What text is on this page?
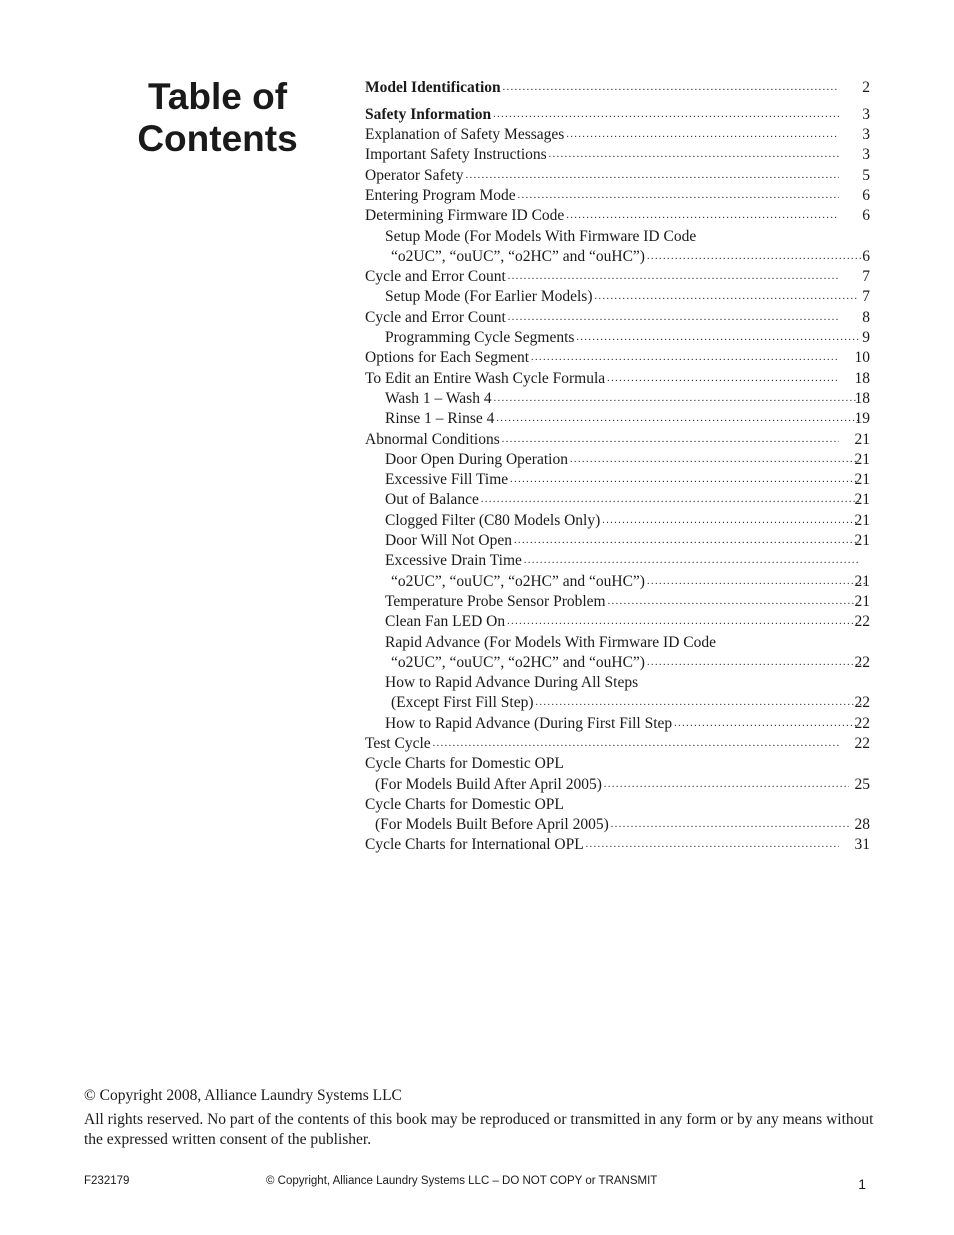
Table of
Contents
Model Identification . . .	2
Safety Information . . .	3
Explanation of Safety Messages . . .	3
Important Safety Instructions . . .	3
Operator Safety . . .	5
Entering Program Mode . . .	6
Determining Firmware ID Code . . .	6
Setup Mode (For Models With Firmware ID Code
“o2UC”, “ouUC”, “o2HC” and “ouHC”) . . .	6
Cycle and Error Count . . .	7
Setup Mode (For Earlier Models) . . .	7
Cycle and Error Count . . .	8
Programming Cycle Segments . . .	9
Options for Each Segment . . .	10
To Edit an Entire Wash Cycle Formula . . .	18
Wash 1 – Wash 4 . . .	18
Rinse 1 – Rinse 4 . . .	19
Abnormal Conditions . . .	21
Door Open During Operation . . .	21
Excessive Fill Time . . .	21
Out of Balance . . .	21
Clogged Filter (C80 Models Only) . . .	21
Door Will Not Open . . .	21
Excessive Drain Time . . .
“o2UC”, “ouUC”, “o2HC” and “ouHC”) . . .	21
Temperature Probe Sensor Problem . . .	21
Clean Fan LED On . . .	22
Rapid Advance (For Models With Firmware ID Code
“o2UC”, “ouUC”, “o2HC” and “ouHC”) . . .	22
How to Rapid Advance During All Steps
(Except First Fill Step) . . .	22
How to Rapid Advance (During First Fill Step . . .	22
Test Cycle . . .	22
Cycle Charts for Domestic OPL
(For Models Build After April 2005) . . .	25
Cycle Charts for Domestic OPL
(For Models Built Before April 2005) . . .	28
Cycle Charts for International OPL . . .	31

© Copyright 2008, Alliance Laundry Systems LLC

All rights reserved. No part of the contents of this book may be reproduced or transmitted in any form or by any means without the expressed written consent of the publisher.

F232179	© Copyright, Alliance Laundry Systems LLC – DO NOT COPY or TRANSMIT	1
